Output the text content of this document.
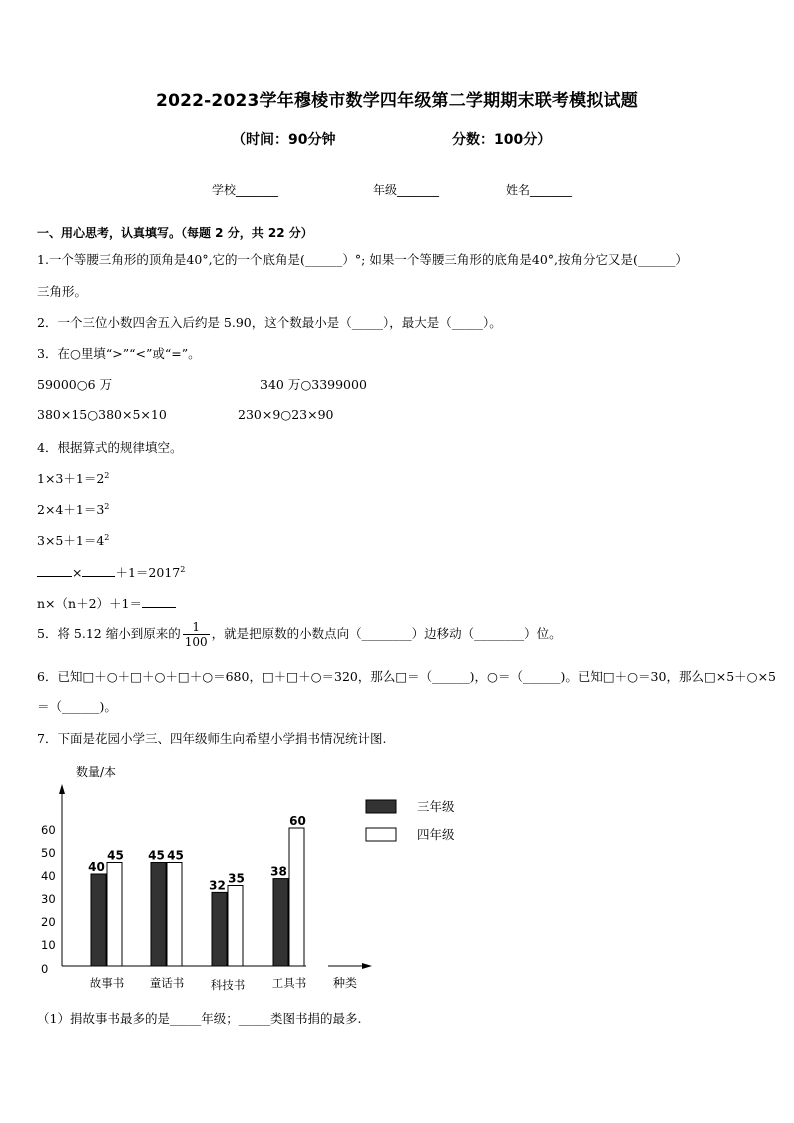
2022-2023学年穆棱市数学四年级第二学期期末联考模拟试题
（时间：90分钟	分数：100分）
学校_______	年级_______	姓名_______
一、用心思考，认真填写。（每题 2 分，共 22 分）
1.一个等腰三角形的顶角是40°,它的一个底角是(______）°; 如果一个等腰三角形的底角是40°,按角分它又是(______）
三角形。
2．一个三位小数四舍五入后约是 5.90，这个数最小是（_____），最大是（_____）。
3．在○里填“>”“<”或“=”。
59000○6 万	340 万○3399000
380×15○380×5×10	230×9○23×90
4．根据算式的规律填空。
$1\times 3+1=2^2$
$2\times 4+1=3^2$
$3\times 5+1=4^2$
×	$+1=2017^2$
n×（n＋2）＋1＝
5．将 5.12 缩小到原来的 $\frac{1}{100}$ ，就是把原数的小数点向（________）边移动（________）位。
6．已知□＋○＋□＋○＋□＋○＝680，□＋□＋○＝320，那么□＝（______)，○＝（______)。已知□＋○＝30，那么□×5＋○×5
＝（______)。
7．下面是花园小学三、四年级师生向希望小学捐书情况统计图.
数量/本
种类
0
10
20
30
40
50
60
40
45
故事书
45 45
童话书
32 35
科技书
38
60
工具书
三年级
四年级
（1）捐故事书最多的是_____年级；_____类图书捐的最多.
